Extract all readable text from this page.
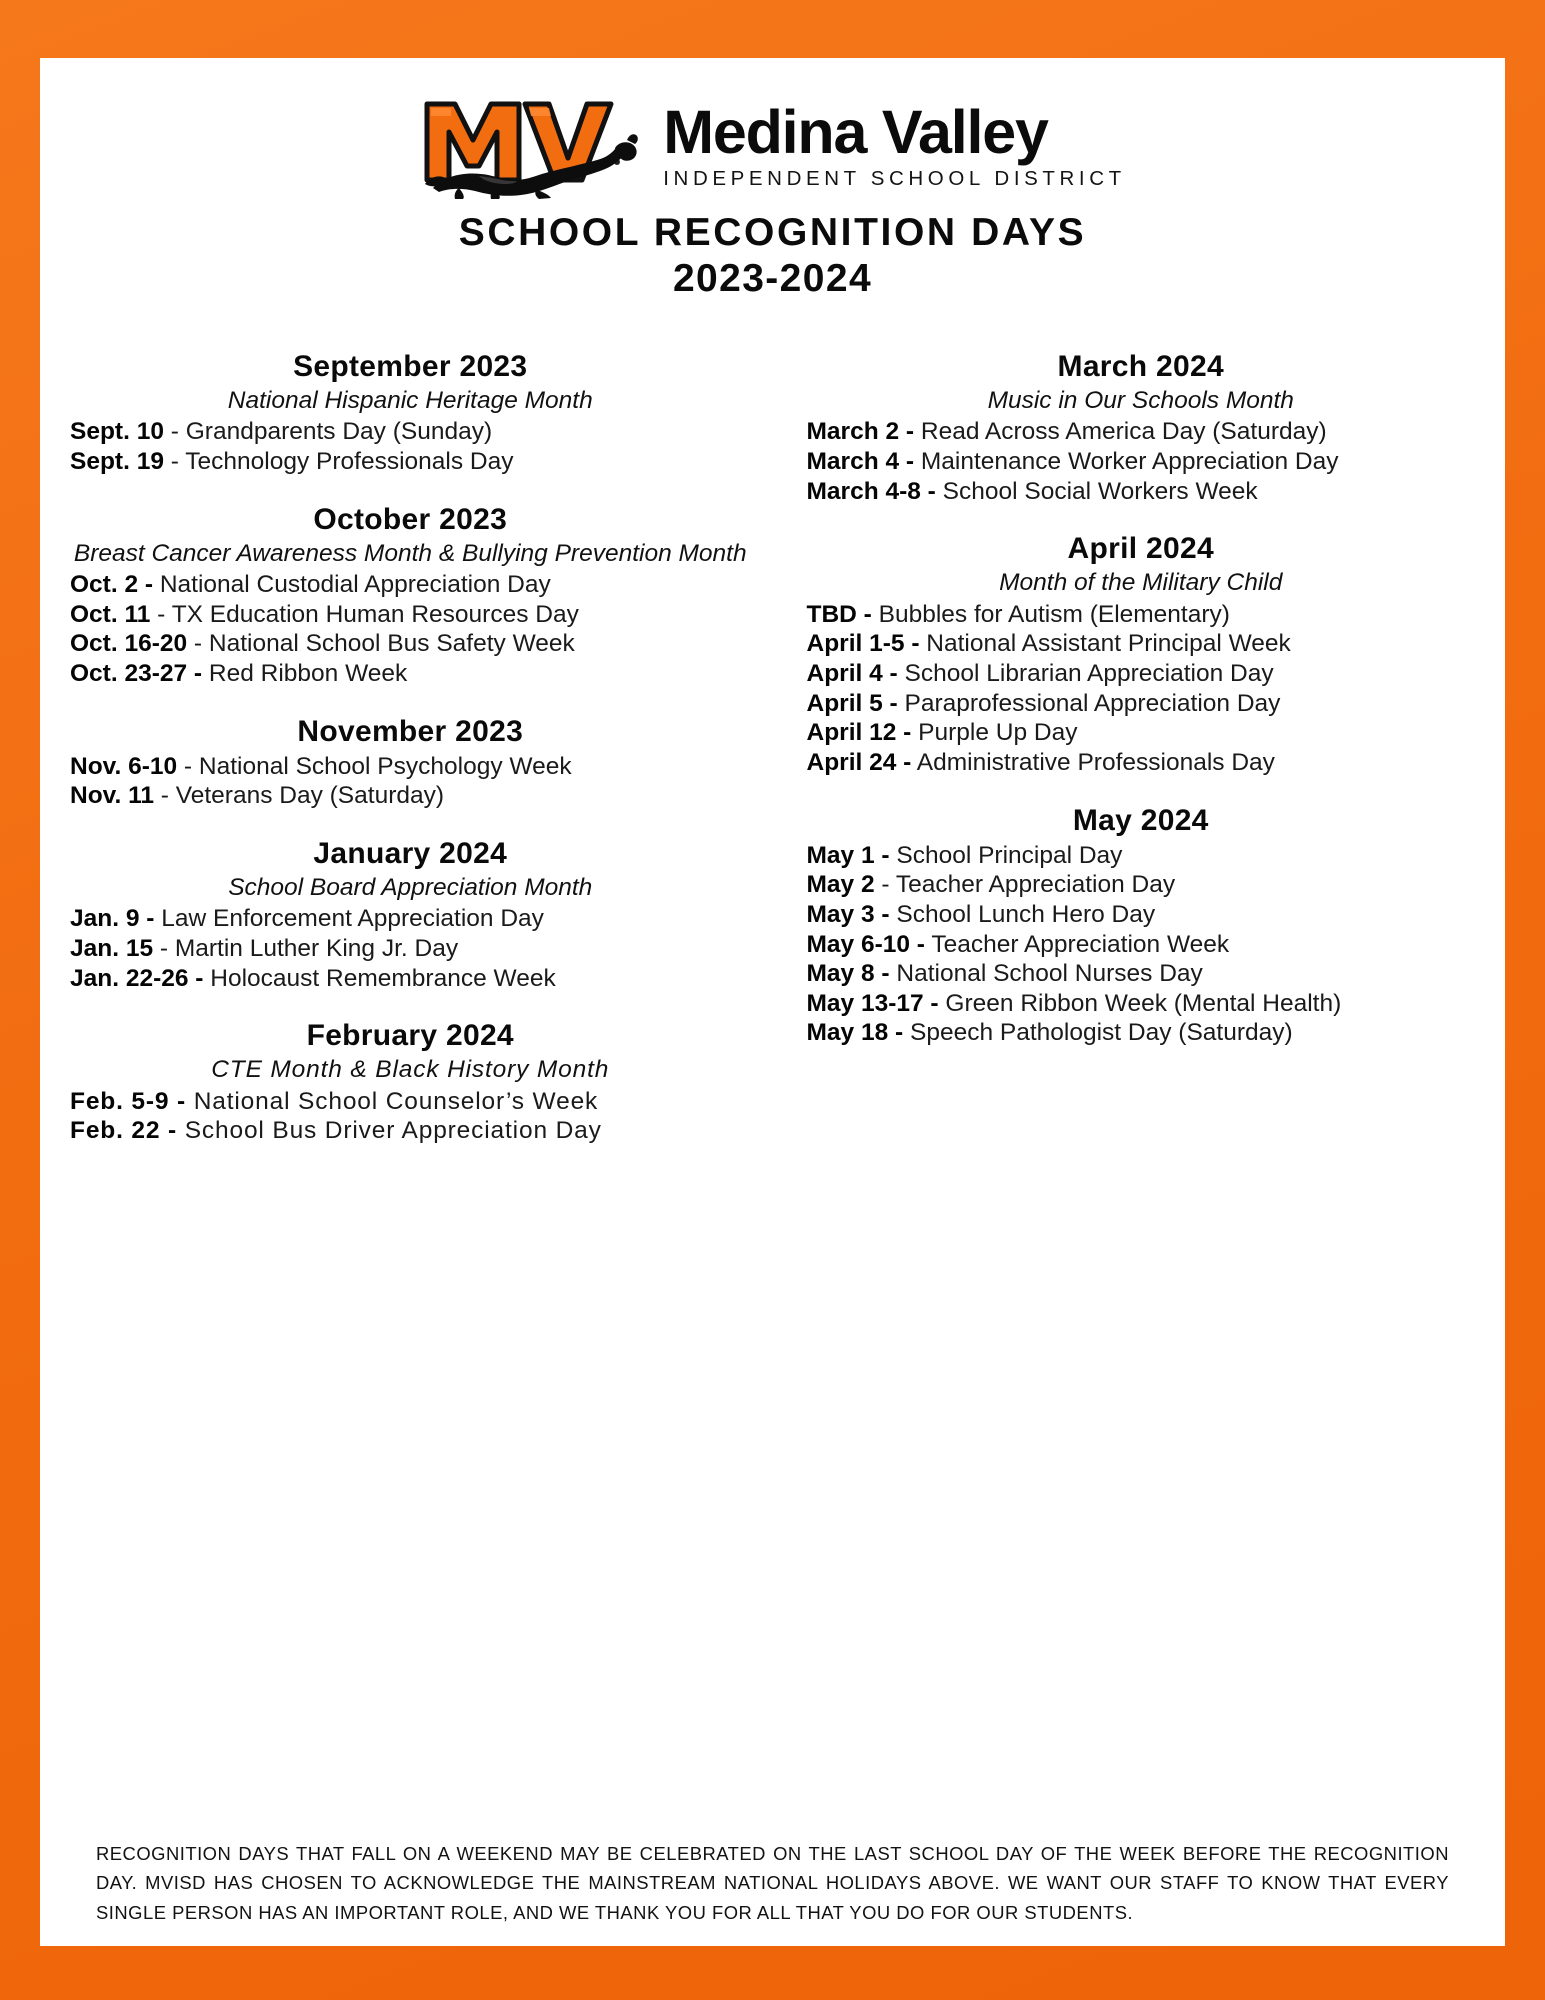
Medina Valley
INDEPENDENT SCHOOL DISTRICT
SCHOOL RECOGNITION DAYS
2023-2024
September 2023
National Hispanic Heritage Month
Sept. 10 - Grandparents Day (Sunday)
Sept. 19 - Technology Professionals Day
October 2023
Breast Cancer Awareness Month & Bullying Prevention Month
Oct. 2 - National Custodial Appreciation Day
Oct. 11 - TX Education Human Resources Day
Oct. 16-20 - National School Bus Safety Week
Oct. 23-27 - Red Ribbon Week
November 2023
Nov. 6-10 - National School Psychology Week
Nov. 11 - Veterans Day (Saturday)
January 2024
School Board Appreciation Month
Jan. 9 - Law Enforcement Appreciation Day
Jan. 15 - Martin Luther King Jr. Day
Jan. 22-26 - Holocaust Remembrance Week
February 2024
CTE Month & Black History Month
Feb. 5-9 - National School Counselor’s Week
Feb. 22 - School Bus Driver Appreciation Day
March 2024
Music in Our Schools Month
March 2 - Read Across America Day (Saturday)
March 4 - Maintenance Worker Appreciation Day
March 4-8 - School Social Workers Week
April 2024
Month of the Military Child
TBD - Bubbles for Autism (Elementary)
April 1-5 - National Assistant Principal Week
April 4 - School Librarian Appreciation Day
April 5 - Paraprofessional Appreciation Day
April 12 - Purple Up Day
April 24 - Administrative Professionals Day
May 2024
May 1 - School Principal Day
May 2 - Teacher Appreciation Day
May 3 - School Lunch Hero Day
May 6-10 - Teacher Appreciation Week
May 8 - National School Nurses Day
May 13-17 - Green Ribbon Week (Mental Health)
May 18 - Speech Pathologist Day (Saturday)

RECOGNITION DAYS THAT FALL ON A WEEKEND MAY BE CELEBRATED ON THE LAST SCHOOL DAY OF THE WEEK BEFORE THE RECOGNITION DAY. MVISD HAS CHOSEN TO ACKNOWLEDGE THE MAINSTREAM NATIONAL HOLIDAYS ABOVE. WE WANT OUR STAFF TO KNOW THAT EVERY SINGLE PERSON HAS AN IMPORTANT ROLE, AND WE THANK YOU FOR ALL THAT YOU DO FOR OUR STUDENTS.
